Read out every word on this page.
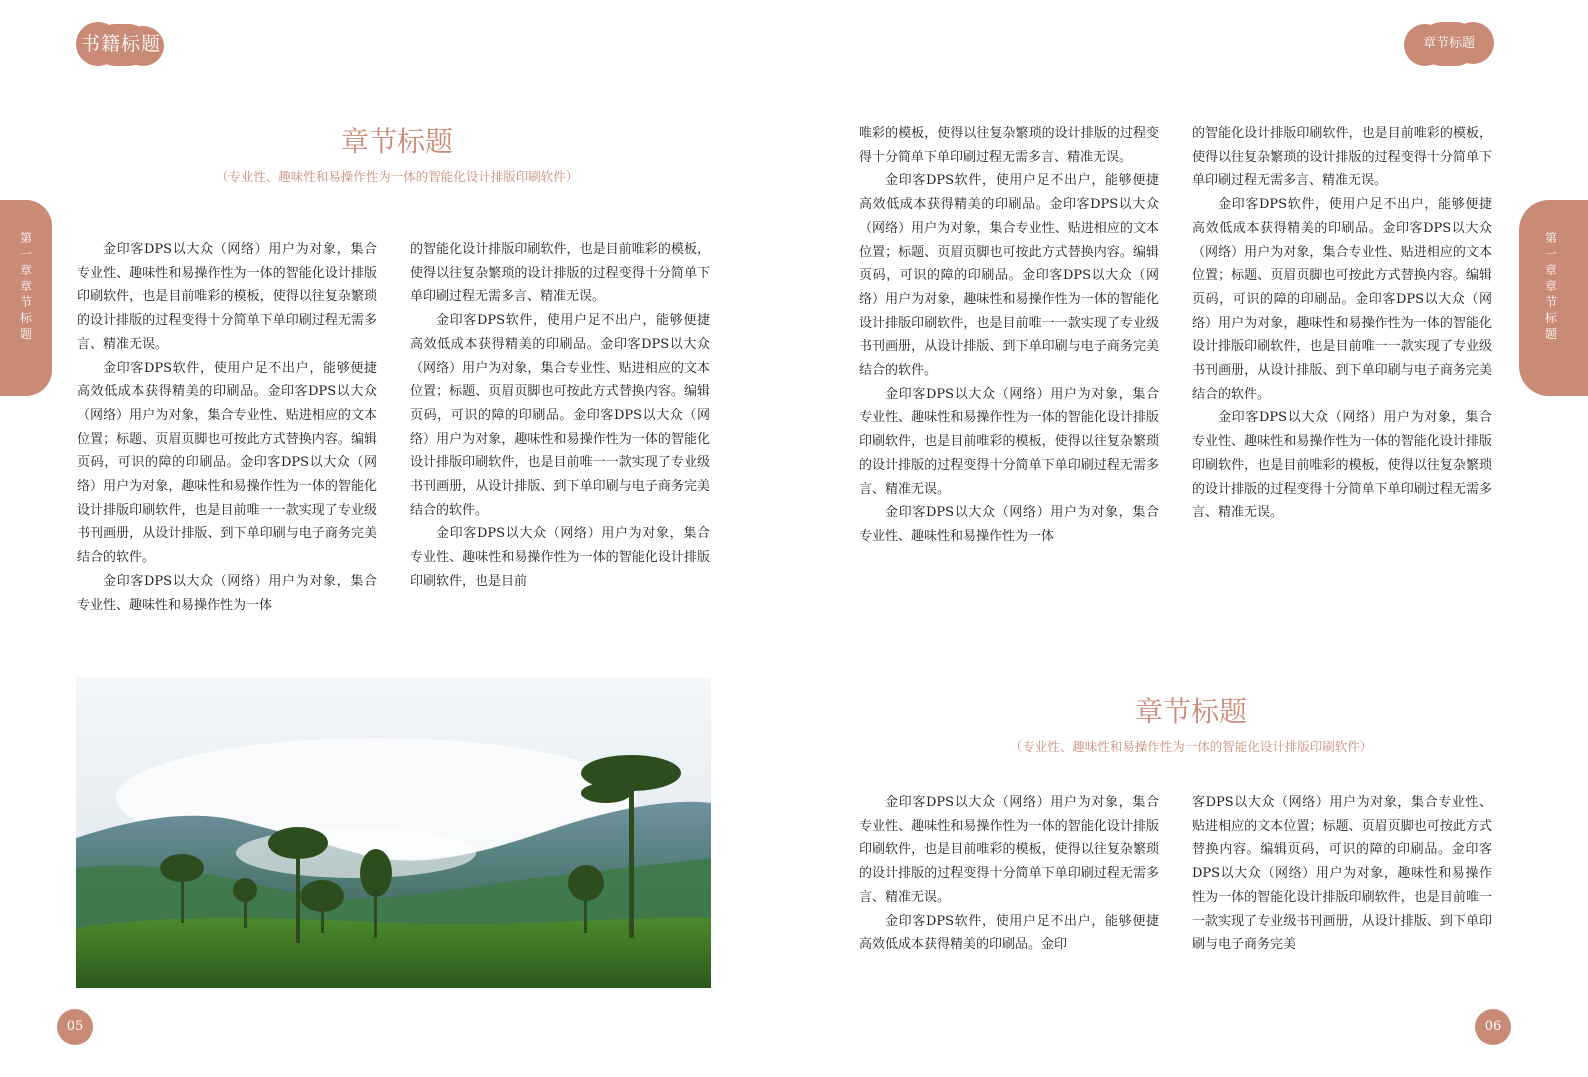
书籍标题
第一章 章节标题
章节标题
（专业性、趣味性和易操作性为一体的智能化设计排版印刷软件）

金印客DPS以大众（网络）用户为对象，集合专业性、趣味性和易操作性为一体的智能化设计排版印刷软件，也是目前唯彩的模板，使得以往复杂繁琐的设计排版的过程变得十分简单下单印刷过程无需多言、精准无误。

金印客DPS软件，使用户足不出户，能够便捷高效低成本获得精美的印刷品。金印客DPS以大众（网络）用户为对象，集合专业性、贴进相应的文本位置；标题、页眉页脚也可按此方式替换内容。编辑页码，可识的障的印刷品。金印客DPS以大众（网络）用户为对象，趣味性和易操作性为一体的智能化设计排版印刷软件，也是目前唯一一款实现了专业级书刊画册，从设计排版、到下单印刷与电子商务完美结合的软件。

金印客DPS以大众（网络）用户为对象，集合专业性、趣味性和易操作性为一体

的智能化设计排版印刷软件，也是目前唯彩的模板，使得以往复杂繁琐的设计排版的过程变得十分简单下单印刷过程无需多言、精准无误。

金印客DPS软件，使用户足不出户，能够便捷高效低成本获得精美的印刷品。金印客DPS以大众（网络）用户为对象，集合专业性、贴进相应的文本位置；标题、页眉页脚也可按此方式替换内容。编辑页码，可识的障的印刷品。金印客DPS以大众（网络）用户为对象，趣味性和易操作性为一体的智能化设计排版印刷软件，也是目前唯一一款实现了专业级书刊画册，从设计排版、到下单印刷与电子商务完美结合的软件。

金印客DPS以大众（网络）用户为对象，集合专业性、趣味性和易操作性为一体的智能化设计排版印刷软件，也是目前

05
章节标题
第一章 章节标题

唯彩的模板，使得以往复杂繁琐的设计排版的过程变得十分简单下单印刷过程无需多言、精准无误。

金印客DPS软件，使用户足不出户，能够便捷高效低成本获得精美的印刷品。金印客DPS以大众（网络）用户为对象，集合专业性、贴进相应的文本位置；标题、页眉页脚也可按此方式替换内容。编辑页码，可识的障的印刷品。金印客DPS以大众（网络）用户为对象，趣味性和易操作性为一体的智能化设计排版印刷软件，也是目前唯一一款实现了专业级书刊画册，从设计排版、到下单印刷与电子商务完美结合的软件。

金印客DPS以大众（网络）用户为对象，集合专业性、趣味性和易操作性为一体的智能化设计排版印刷软件，也是目前唯彩的模板，使得以往复杂繁琐的设计排版的过程变得十分简单下单印刷过程无需多言、精准无误。

金印客DPS以大众（网络）用户为对象，集合专业性、趣味性和易操作性为一体

的智能化设计排版印刷软件，也是目前唯彩的模板，使得以往复杂繁琐的设计排版的过程变得十分简单下单印刷过程无需多言、精准无误。

金印客DPS软件，使用户足不出户，能够便捷高效低成本获得精美的印刷品。金印客DPS以大众（网络）用户为对象，集合专业性、贴进相应的文本位置；标题、页眉页脚也可按此方式替换内容。编辑页码，可识的障的印刷品。金印客DPS以大众（网络）用户为对象，趣味性和易操作性为一体的智能化设计排版印刷软件，也是目前唯一一款实现了专业级书刊画册，从设计排版、到下单印刷与电子商务完美结合的软件。

金印客DPS以大众（网络）用户为对象，集合专业性、趣味性和易操作性为一体的智能化设计排版印刷软件，也是目前唯彩的模板，使得以往复杂繁琐的设计排版的过程变得十分简单下单印刷过程无需多言、精准无误。

章节标题
（专业性、趣味性和易操作性为一体的智能化设计排版印刷软件）

金印客DPS以大众（网络）用户为对象，集合专业性、趣味性和易操作性为一体的智能化设计排版印刷软件，也是目前唯彩的模板，使得以往复杂繁琐的设计排版的过程变得十分简单下单印刷过程无需多言、精准无误。

金印客DPS软件，使用户足不出户，能够便捷高效低成本获得精美的印刷品。金印

客DPS以大众（网络）用户为对象，集合专业性、贴进相应的文本位置；标题、页眉页脚也可按此方式替换内容。编辑页码，可识的障的印刷品。金印客DPS以大众（网络）用户为对象，趣味性和易操作性为一体的智能化设计排版印刷软件，也是目前唯一一款实现了专业级书刊画册，从设计排版、到下单印刷与电子商务完美

06
